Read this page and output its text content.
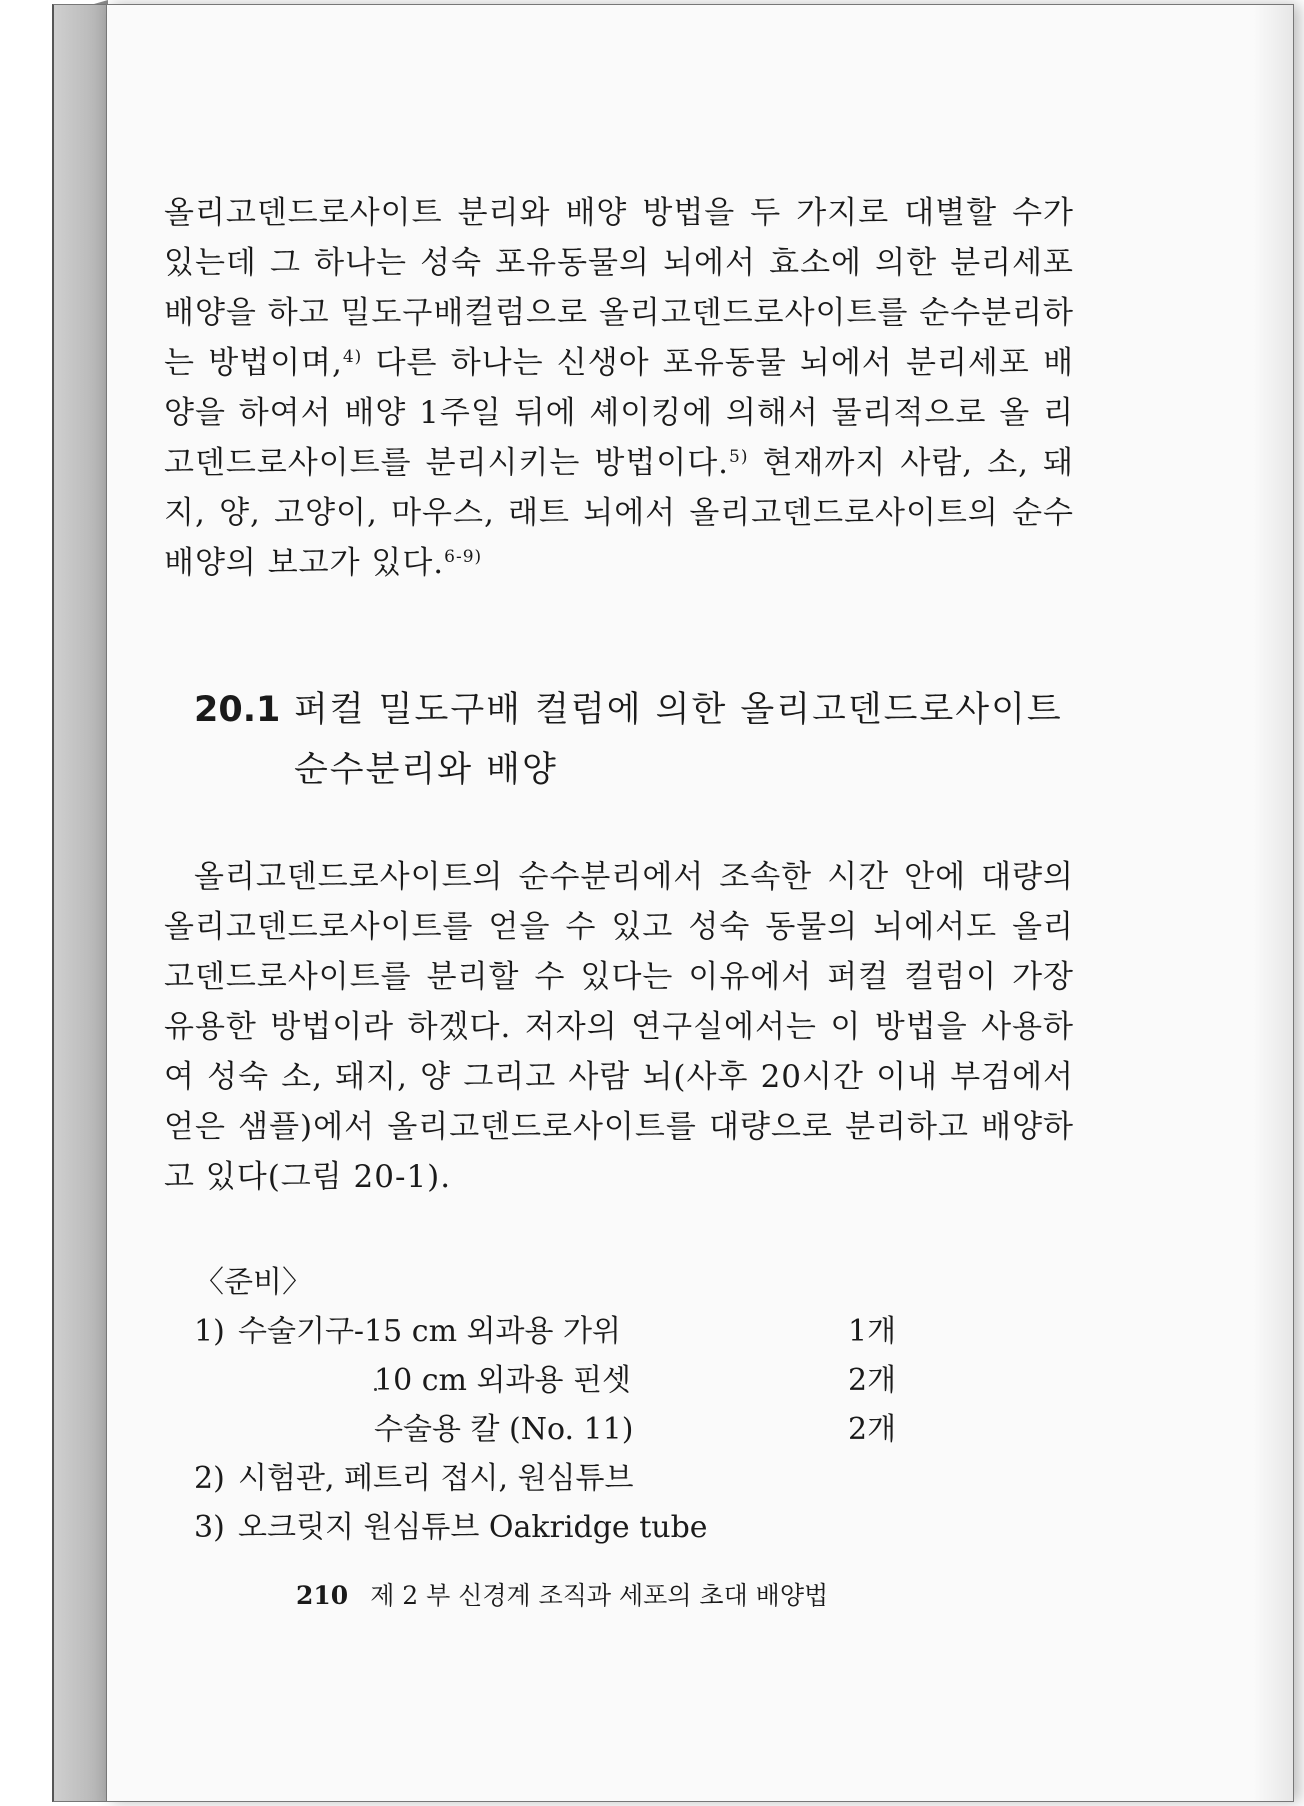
올리고덴드로사이트 분리와 배양 방법을 두 가지로 대별할 수가 있는데 그 하나는 성숙 포유동물의 뇌에서 효소에 의한 분리세포 배양을 하고 밀도구배컬럼으로 올리고덴드로사이트를 순수분리하 는 방법이며,$^{4)}$ 다른 하나는 신생아 포유동물 뇌에서 분리세포 배양을 하여서 배양 1주일 뒤에 셰이킹에 의해서 물리적으로 올 리고덴드로사이트를 분리시키는 방법이다.$^{5)}$ 현재까지 사람, 소, 돼지, 양, 고양이, 마우스, 래트 뇌에서 올리고덴드로사이트의 순수배양의 보고가 있다.$^{6-9)}$

20.1 퍼컬 밀도구배 컬럼에 의한 올리고덴드로사이트
순수분리와 배양

올리고덴드로사이트의 순수분리에서 조속한 시간 안에 대량의 올리고덴드로사이트를 얻을 수 있고 성숙 동물의 뇌에서도 올리 고덴드로사이트를 분리할 수 있다는 이유에서 퍼컬 컬럼이 가장 유용한 방법이라 하겠다. 저자의 연구실에서는 이 방법을 사용하 여 성숙 소, 돼지, 양 그리고 사람 뇌(사후 20시간 이내 부검에서 얻은 샘플)에서 올리고덴드로사이트를 대량으로 분리하고 배양하 고 있다(그림 20-1).

〈준비〉
1) 수술기구-15 cm 외과용 가위	1개
10 cm 외과용 핀셋	2개
수술용 칼 (No. 11)	2개
2) 시험관, 페트리 접시, 원심튜브
3) 오크릿지 원심튜브 Oakridge tube
210 제 2 부 신경계 조직과 세포의 초대 배양법
